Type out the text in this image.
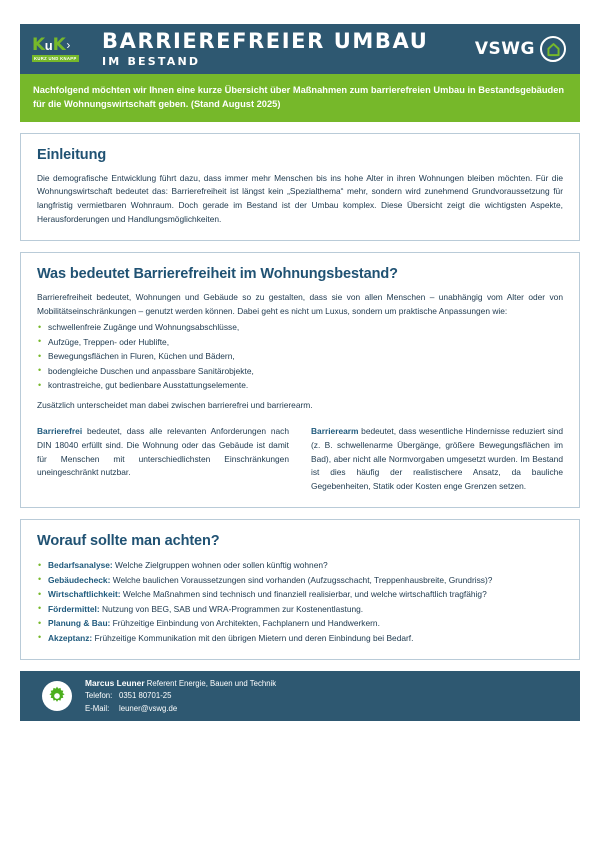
K u K ›
KURZ UND KNAPP
BARRIEREFREIER UMBAU
IM BESTAND
VSWG

Nachfolgend möchten wir Ihnen eine kurze Übersicht über Maßnahmen zum barrierefreien Umbau in Bestandsgebäuden für die Wohnungswirtschaft geben. (Stand August 2025)

Einleitung

Die demografische Entwicklung führt dazu, dass immer mehr Menschen bis ins hohe Alter in ihren Wohnungen bleiben möchten. Für die Wohnungswirtschaft bedeutet das: Barrierefreiheit ist längst kein „Spezialthema“ mehr, sondern wird zunehmend Grundvoraussetzung für langfristig vermietbaren Wohnraum. Doch gerade im Bestand ist der Umbau komplex. Diese Übersicht zeigt die wichtigsten Aspekte, Herausforderungen und Handlungsmöglichkeiten.

Was bedeutet Barrierefreiheit im Wohnungsbestand?

Barrierefreiheit bedeutet, Wohnungen und Gebäude so zu gestalten, dass sie von allen Menschen – unabhängig vom Alter oder von Mobilitätseinschränkungen – genutzt werden können. Dabei geht es nicht um Luxus, sondern um praktische Anpassungen wie:

• schwellenfreie Zugänge und Wohnungsabschlüsse,
• Aufzüge, Treppen- oder Hublifte,
• Bewegungsflächen in Fluren, Küchen und Bädern,
• bodengleiche Duschen und anpassbare Sanitärobjekte,
• kontrastreiche, gut bedienbare Ausstattungselemente.

Zusätzlich unterscheidet man dabei zwischen barrierefrei und barrierearm.

Barrierefrei bedeutet, dass alle relevanten Anforderungen nach DIN 18040 erfüllt sind. Die Wohnung oder das Gebäude ist damit für Menschen mit unterschiedlichsten Einschränkungen uneingeschränkt nutzbar.

Barrierearm bedeutet, dass wesentliche Hindernisse reduziert sind (z. B. schwellenarme Übergänge, größere Bewegungsflächen im Bad), aber nicht alle Normvorgaben umgesetzt wurden. Im Bestand ist dies häufig der realistischere Ansatz, da bauliche Gegebenheiten, Statik oder Kosten enge Grenzen setzen.

Worauf sollte man achten?
• Bedarfsanalyse: Welche Zielgruppen wohnen oder sollen künftig wohnen?
• Gebäudecheck: Welche baulichen Voraussetzungen sind vorhanden (Aufzugsschacht, Treppenhausbreite, Grundriss)?
• Wirtschaftlichkeit: Welche Maßnahmen sind technisch und finanziell realisierbar, und welche wirtschaftlich tragfähig?
• Fördermittel: Nutzung von BEG, SAB und WRA-Programmen zur Kostenentlastung.
• Planung & Bau: Frühzeitige Einbindung von Architekten, Fachplanern und Handwerkern.
• Akzeptanz: Frühzeitige Kommunikation mit den übrigen Mietern und deren Einbindung bei Bedarf.
Marcus Leuner Referent Energie, Bauen und Technik
Telefon: 0351 80701-25
E-Mail: leuner@vswg.de
